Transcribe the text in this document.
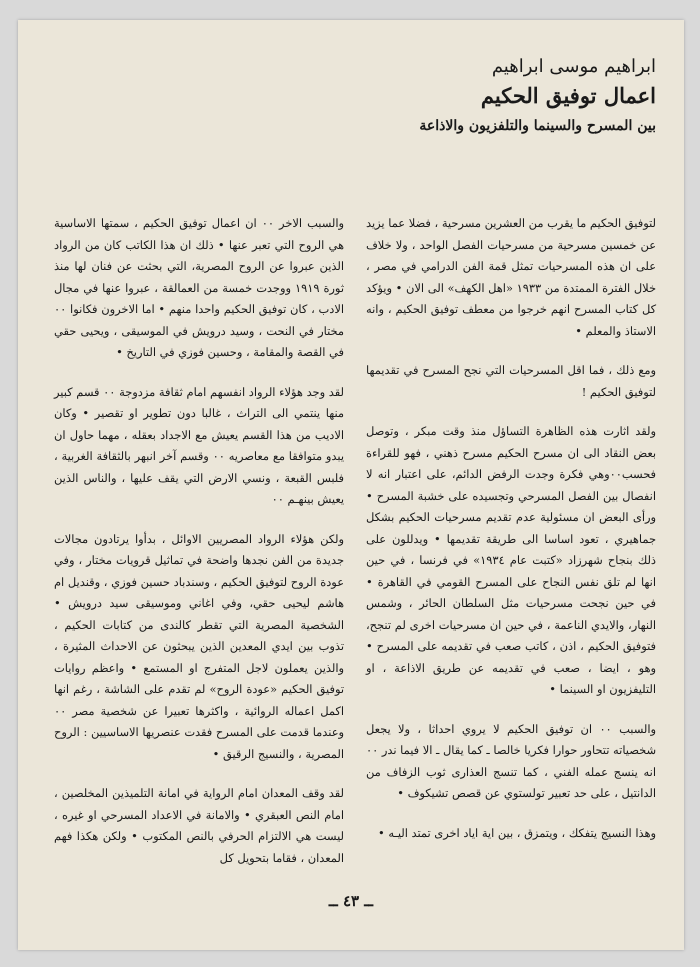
ابراهيم موسى ابراهيم
اعمال توفيق الحكيم
بين المسرح والسينما والتلفزيون والاذاعة

لتوفيق الحكيم ما يقرب من العشرين مسرحية ، فضلا عما يزيد عن خمسين مسرحية من مسرحيات الفصل الواحد ، ولا خلاف على ان هذه المسرحيات تمثل قمة الفن الدرامي في مصر ، خلال الفترة الممتدة من ١٩٣٣ «اهل الكهف» الى الان • ويؤكد كل كتاب المسرح انهم خرجوا من معطف توفيق الحكيم ، وانه الاستاذ والمعلم •

ومع ذلك ، فما اقل المسرحيات التي نجح المسرح في تقديمها لتوفيق الحكيم !

ولقد اثارت هذه الظاهرة التساؤل منذ وقت مبكر ، وتوصل بعض النقاد الى ان مسرح الحكيم مسرح ذهني ، فهو للقراءة فحسب٠٠وهي فكرة وجدت الرفض الدائم، على اعتبار انه لا انفصال بين الفصل المسرحي وتجسيده على خشبة المسرح • ورأى البعض ان مسئولية عدم تقديم مسرحيات الحكيم بشكل جماهيري ، تعود اساسا الى طريقة تقديمها • ويدللون على ذلك بنجاح شهرزاد «كتبت عام ١٩٣٤» في فرنسا ، في حين انها لم تلق نفس النجاح على المسرح القومي في القاهرة • في حين نجحت مسرحيات مثل السلطان الحائر ، وشمس النهار، والايدي الناعمة ، في حين ان مسرحيات اخرى لم تنجح، فتوفيق الحكيم ، اذن ، كاتب صعب في تقديمه على المسرح • وهو ، ايضا ، صعب في تقديمه عن طريق الاذاعة ، او التليفزيون او السينما •

والسبب ٠٠ ان توفيق الحكيم لا يروي احداثا ، ولا يجعل شخصياته تتحاور حوارا فكريا خالصا ـ كما يقال ـ الا فيما ندر ٠٠ انه ينسج عمله الفني ، كما تنسج العذارى ثوب الزفاف من الدانتيل ، على حد تعبير تولستوي عن قصص تشيكوف •

وهذا النسيج يتفكك ، ويتمزق ، بين اية اياد اخرى تمتد اليـه •

والسبب الاخر ٠٠ ان اعمال توفيق الحكيم ، سمتها الاساسية هي الروح التي تعبر عنها • ذلك ان هذا الكاتب كان من الرواد الذين عبروا عن الروح المصرية، التي بحثت عن فنان لها منذ ثورة ١٩١٩ ووجدت خمسة من العمالقة ، عبروا عنها في مجال الادب ، كان توفيق الحكيم واحدا منهم • اما الاخرون فكانوا ٠٠ مختار في النحت ، وسيد درويش في الموسيقى ، ويحيى حقي في القصة والمقامة ، وحسين فوزي في التاريخ •

لقد وجد هؤلاء الرواد انفسهم امام ثقافة مزدوجة ٠٠ قسم كبير منها ينتمي الى التراث ، غالبا دون تطوير او تقصير • وكان الاديب من هذا القسم يعيش مع الاجداد بعقله ، مهما حاول ان يبدو متوافقا مع معاصريه ٠٠ وقسم آخر انبهر بالثقافة الغربية ، فلبس القبعة ، ونسي الارض التي يقف عليها ، والناس الذين يعيش بينهـم ٠٠

ولكن هؤلاء الرواد المصريين الاوائل ، بدأوا يرتادون مجالات جديدة من الفن نجدها واضحة في تماثيل قرويات مختار ، وفي عودة الروح لتوفيق الحكيم ، وسندباد حسين فوزي ، وقنديل ام هاشم ليحيى حقي، وفي اغاني وموسيقى سيد درويش • الشخصية المصرية التي تقطر كالندى من كتابات الحكيم ، تذوب بين ايدي المعدين الذين يبحثون عن الاحداث المثيرة ، والذين يعملون لاجل المتفرج او المستمع • واعظم روايات توفيق الحكيم «عودة الروح» لم تقدم على الشاشة ، رغم انها اكمل اعماله الروائية ، واكثرها تعبيرا عن شخصية مصر ٠٠ وعندما قدمت على المسرح فقدت عنصريها الاساسيين : الروح المصرية ، والنسيج الرقيق •

لقد وقف المعدان امام الرواية في امانة التلميذين المخلصين ، امام النص العبقري • والامانة في الاعداد المسرحي او غيره ، ليست هي الالتزام الحرفي بالنص المكتوب • ولكن هكذا فهم المعدان ، فقاما بتحويل كل

ــ ٤٣ ــ
